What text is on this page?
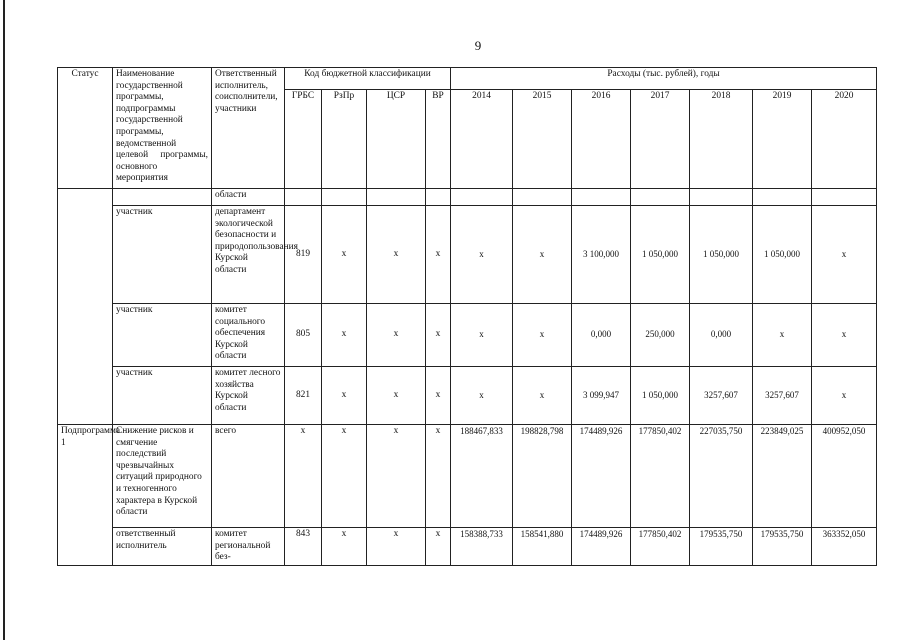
9
Статус	Наименование государственной программы, подпрограммы государственной программы, ведомственной целевой программы, основного мероприятия	Ответственный исполнитель, соисполнители, участники	Код бюджетной классификации				Расходы (тыс. рублей), годы						
			ГРБС	РзПр	ЦСР	ВР	2014	2015	2016	2017	2018	2019	2020
		области											
	участник	департамент экологической безопасности и природопользования Курской области	819	х	х	х	х	х	3 100,000	1 050,000	1 050,000	1 050,000	х
	участник	комитет социального обеспечения Курской области	805	х	х	х	х	х	0,000	250,000	0,000	х	х
	участник	комитет лесного хозяйства Курской области	821	х	х	х	х	х	3 099,947	1 050,000	3257,607	3257,607	х
Подпрограмма 1	Снижение рисков и смягчение последствий чрезвычайных ситуаций природного и техногенного характера в Курской области	всего	х	х	х	х	188467,833	198828,798	174489,926	177850,402	227035,750	223849,025	400952,050
	ответственный исполнитель	комитет региональной без-	843	х	х	х	158388,733	158541,880	174489,926	177850,402	179535,750	179535,750	363352,050
